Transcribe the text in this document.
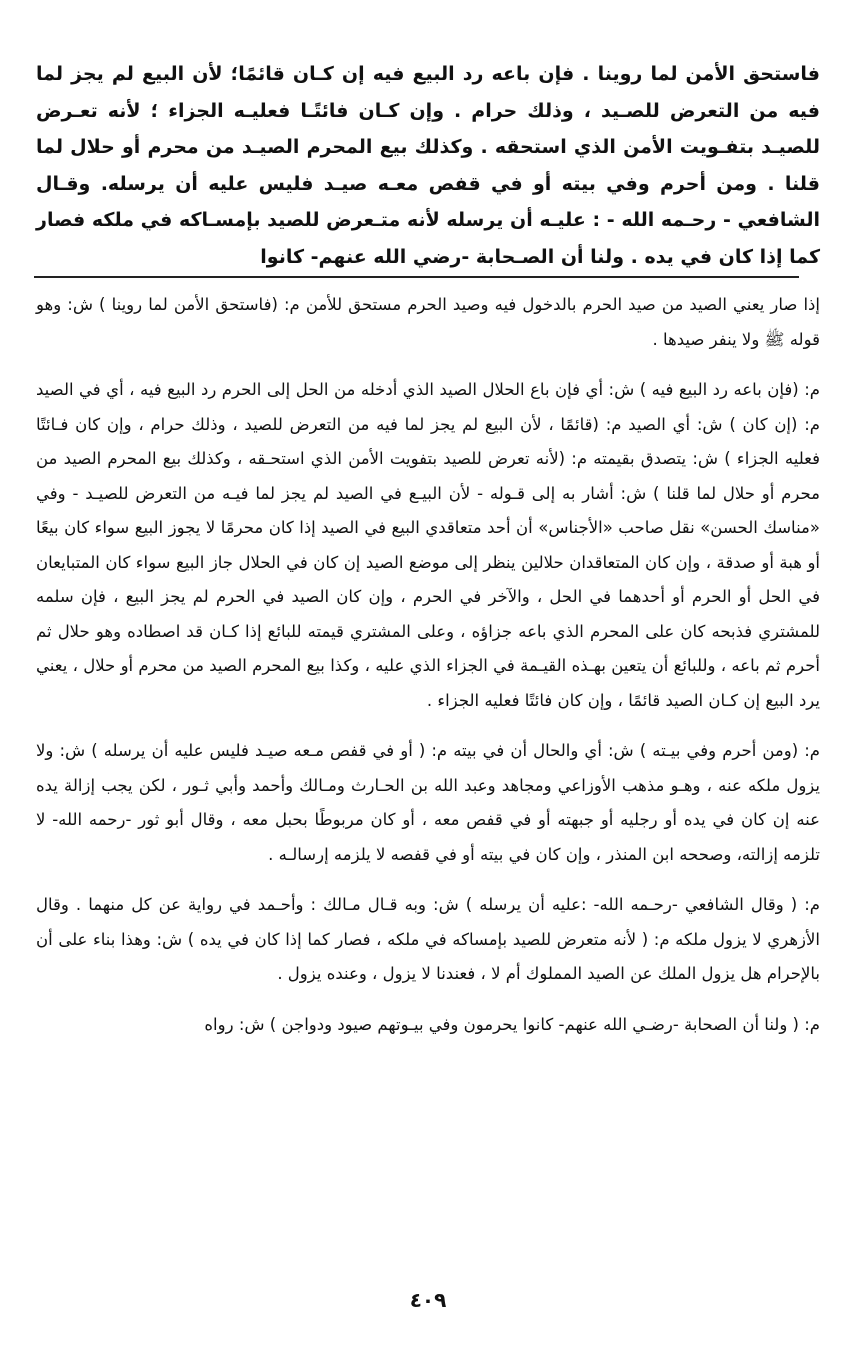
فاستحق الأمن لما روينا . فإن باعه رد البيع فيه إن كـان قائمًا؛ لأن البيع لم يجز لما فيه من التعرض للصـيد ، وذلك حرام . وإن كـان فائتًـا فعليـه الجزاء ؛ لأنه تعـرض للصيـد بتفـويت الأمن الذي استحقه . وكذلك بيع المحرم الصيـد من محرم أو حلال لما قلنا . ومن أحرم وفي بيته أو في قفص معـه صيـد فليس عليه أن يرسله. وقـال الشافعي - رحـمه الله - : عليـه أن يرسله لأنه متـعرض للصيد بإمسـاكه في ملكه فصار كما إذا كان في يده . ولنا أن الصـحابة -رضي الله عنهم- كانوا

إذا صار يعني الصيد من صيد الحرم بالدخول فيه وصيد الحرم مستحق للأمن م: (فاستحق الأمن لما روينا ) ش: وهو قوله ﷺ ولا ينفر صيدها .

م: (فإن باعه رد البيع فيه ) ش: أي فإن باع الحلال الصيد الذي أدخله من الحل إلى الحرم رد البيع فيه ، أي في الصيد م: (إن كان ) ش: أي الصيد م: (قائمًا ، لأن البيع لم يجز لما فيه من التعرض للصيد ، وذلك حرام ، وإن كان فـائتًا فعليه الجزاء ) ش: يتصدق بقيمته م: (لأنه تعرض للصيد بتفويت الأمن الذي استحـقه ، وكذلك بيع المحرم الصيد من محرم أو حلال لما قلنا ) ش: أشار به إلى قـوله - لأن البيـع في الصيد لم يجز لما فيـه من التعرض للصيـد - وفي «مناسك الحسن» نقل صاحب «الأجناس» أن أحد متعاقدي البيع في الصيد إذا كان محرمًا لا يجوز البيع سواء كان بيعًا أو هبة أو صدقة ، وإن كان المتعاقدان حلالين ينظر إلى موضع الصيد إن كان في الحلال جاز البيع سواء كان المتبايعان في الحل أو الحرم أو أحدهما في الحل ، والآخر في الحرم ، وإن كان الصيد في الحرم لم يجز البيع ، فإن سلمه للمشتري فذبحه كان على المحرم الذي باعه جزاؤه ، وعلى المشتري قيمته للبائع إذا كـان قد اصطاده وهو حلال ثم أحرم ثم باعه ، وللبائع أن يتعين بهـذه القيـمة في الجزاء الذي عليه ، وكذا بيع المحرم الصيد من محرم أو حلال ، يعني يرد البيع إن كـان الصيد قائمًا ، وإن كان فائتًا فعليه الجزاء .

م: (ومن أحرم وفي بيـته ) ش: أي والحال أن في بيته م: ( أو في قفص مـعه صيـد فليس عليه أن يرسله ) ش: ولا يزول ملكه عنه ، وهـو مذهب الأوزاعي ومجاهد وعبد الله بن الحـارث ومـالك وأحمد وأبي ثـور ، لكن يجب إزالة يده عنه إن كان في يده أو رجليه أو جبهته أو في قفص معه ، أو كان مربوطًا بحبل معه ، وقال أبو ثور -رحمه الله- لا تلزمه إزالته، وصححه ابن المنذر ، وإن كان في بيته أو في قفصه لا يلزمه إرسالـه .

م: ( وقال الشافعي -رحـمه الله- :عليه أن يرسله ) ش: وبه قـال مـالك : وأحـمد في رواية عن كل منهما . وقال الأزهري لا يزول ملكه م: ( لأنه متعرض للصيد بإمساكه في ملكه ، فصار كما إذا كان في يده ) ش: وهذا بناء على أن بالإحرام هل يزول الملك عن الصيد المملوك أم لا ، فعندنا لا يزول ، وعنده يزول .

م: ( ولنا أن الصحابة -رضـي الله عنهم- كانوا يحرمون وفي بيـوتهم صيود ودواجن ) ش: رواه

٤٠٩
